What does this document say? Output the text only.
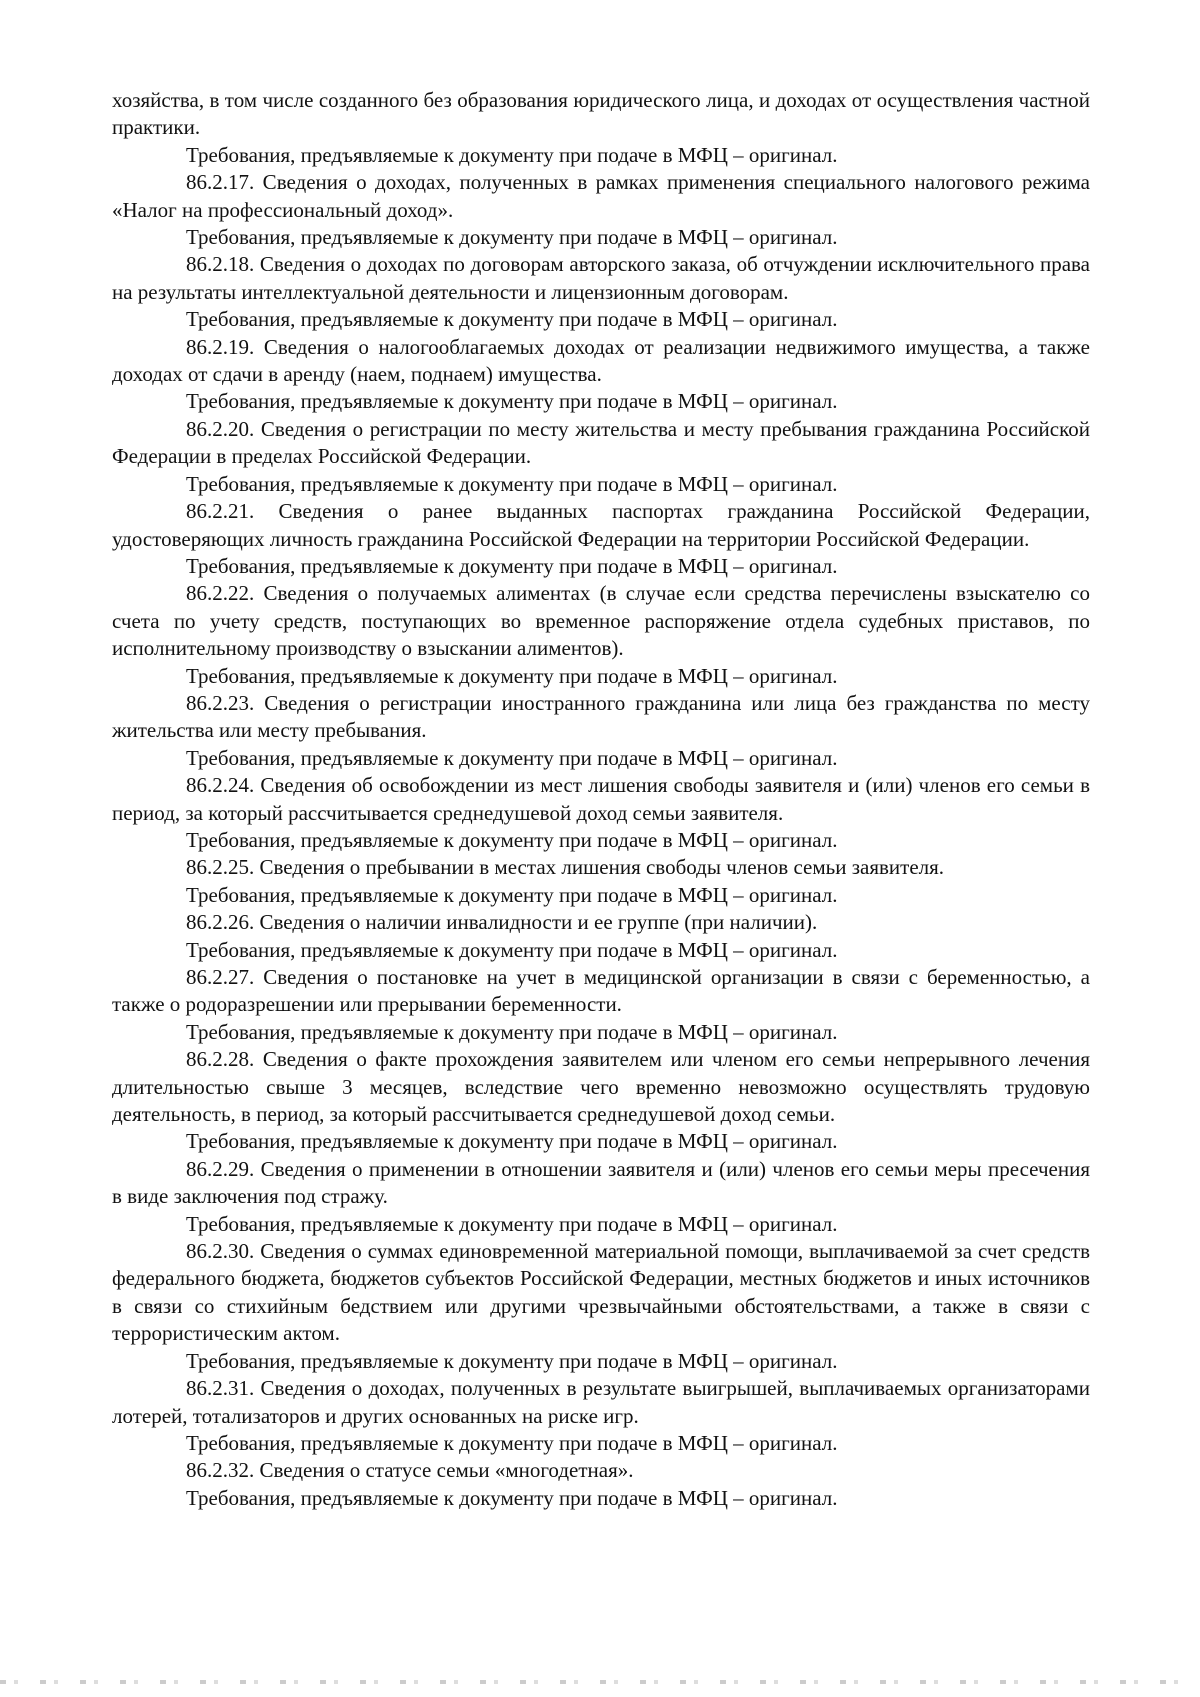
хозяйства, в том числе созданного без образования юридического лица, и доходах от осуществления частной практики.

Требования, предъявляемые к документу при подаче в МФЦ – оригинал.

86.2.17. Сведения о доходах, полученных в рамках применения специального налогового режима «Налог на профессиональный доход».

Требования, предъявляемые к документу при подаче в МФЦ – оригинал.

86.2.18. Сведения о доходах по договорам авторского заказа, об отчуждении исключительного права на результаты интеллектуальной деятельности и лицензионным договорам.

Требования, предъявляемые к документу при подаче в МФЦ – оригинал.

86.2.19. Сведения о налогооблагаемых доходах от реализации недвижимого имущества, а также доходах от сдачи в аренду (наем, поднаем) имущества.

Требования, предъявляемые к документу при подаче в МФЦ – оригинал.

86.2.20. Сведения о регистрации по месту жительства и месту пребывания гражданина Российской Федерации в пределах Российской Федерации.

Требования, предъявляемые к документу при подаче в МФЦ – оригинал.

86.2.21. Сведения о ранее выданных паспортах гражданина Российской Федерации, удостоверяющих личность гражданина Российской Федерации на территории Российской Федерации.

Требования, предъявляемые к документу при подаче в МФЦ – оригинал.

86.2.22. Сведения о получаемых алиментах (в случае если средства перечислены взыскателю со счета по учету средств, поступающих во временное распоряжение отдела судебных приставов, по исполнительному производству о взыскании алиментов).

Требования, предъявляемые к документу при подаче в МФЦ – оригинал.

86.2.23. Сведения о регистрации иностранного гражданина или лица без гражданства по месту жительства или месту пребывания.

Требования, предъявляемые к документу при подаче в МФЦ – оригинал.

86.2.24. Сведения об освобождении из мест лишения свободы заявителя и (или) членов его семьи в период, за который рассчитывается среднедушевой доход семьи заявителя.

Требования, предъявляемые к документу при подаче в МФЦ – оригинал.

86.2.25. Сведения о пребывании в местах лишения свободы членов семьи заявителя.

Требования, предъявляемые к документу при подаче в МФЦ – оригинал.

86.2.26. Сведения о наличии инвалидности и ее группе (при наличии).

Требования, предъявляемые к документу при подаче в МФЦ – оригинал.

86.2.27. Сведения о постановке на учет в медицинской организации в связи с беременностью, а также о родоразрешении или прерывании беременности.

Требования, предъявляемые к документу при подаче в МФЦ – оригинал.

86.2.28. Сведения о факте прохождения заявителем или членом его семьи непрерывного лечения длительностью свыше 3 месяцев, вследствие чего временно невозможно осуществлять трудовую деятельность, в период, за который рассчитывается среднедушевой доход семьи.

Требования, предъявляемые к документу при подаче в МФЦ – оригинал.

86.2.29. Сведения о применении в отношении заявителя и (или) членов его семьи меры пресечения в виде заключения под стражу.

Требования, предъявляемые к документу при подаче в МФЦ – оригинал.

86.2.30. Сведения о суммах единовременной материальной помощи, выплачиваемой за счет средств федерального бюджета, бюджетов субъектов Российской Федерации, местных бюджетов и иных источников в связи со стихийным бедствием или другими чрезвычайными обстоятельствами, а также в связи с террористическим актом.

Требования, предъявляемые к документу при подаче в МФЦ – оригинал.

86.2.31. Сведения о доходах, полученных в результате выигрышей, выплачиваемых организаторами лотерей, тотализаторов и других основанных на риске игр.

Требования, предъявляемые к документу при подаче в МФЦ – оригинал.

86.2.32. Сведения о статусе семьи «многодетная».

Требования, предъявляемые к документу при подаче в МФЦ – оригинал.
